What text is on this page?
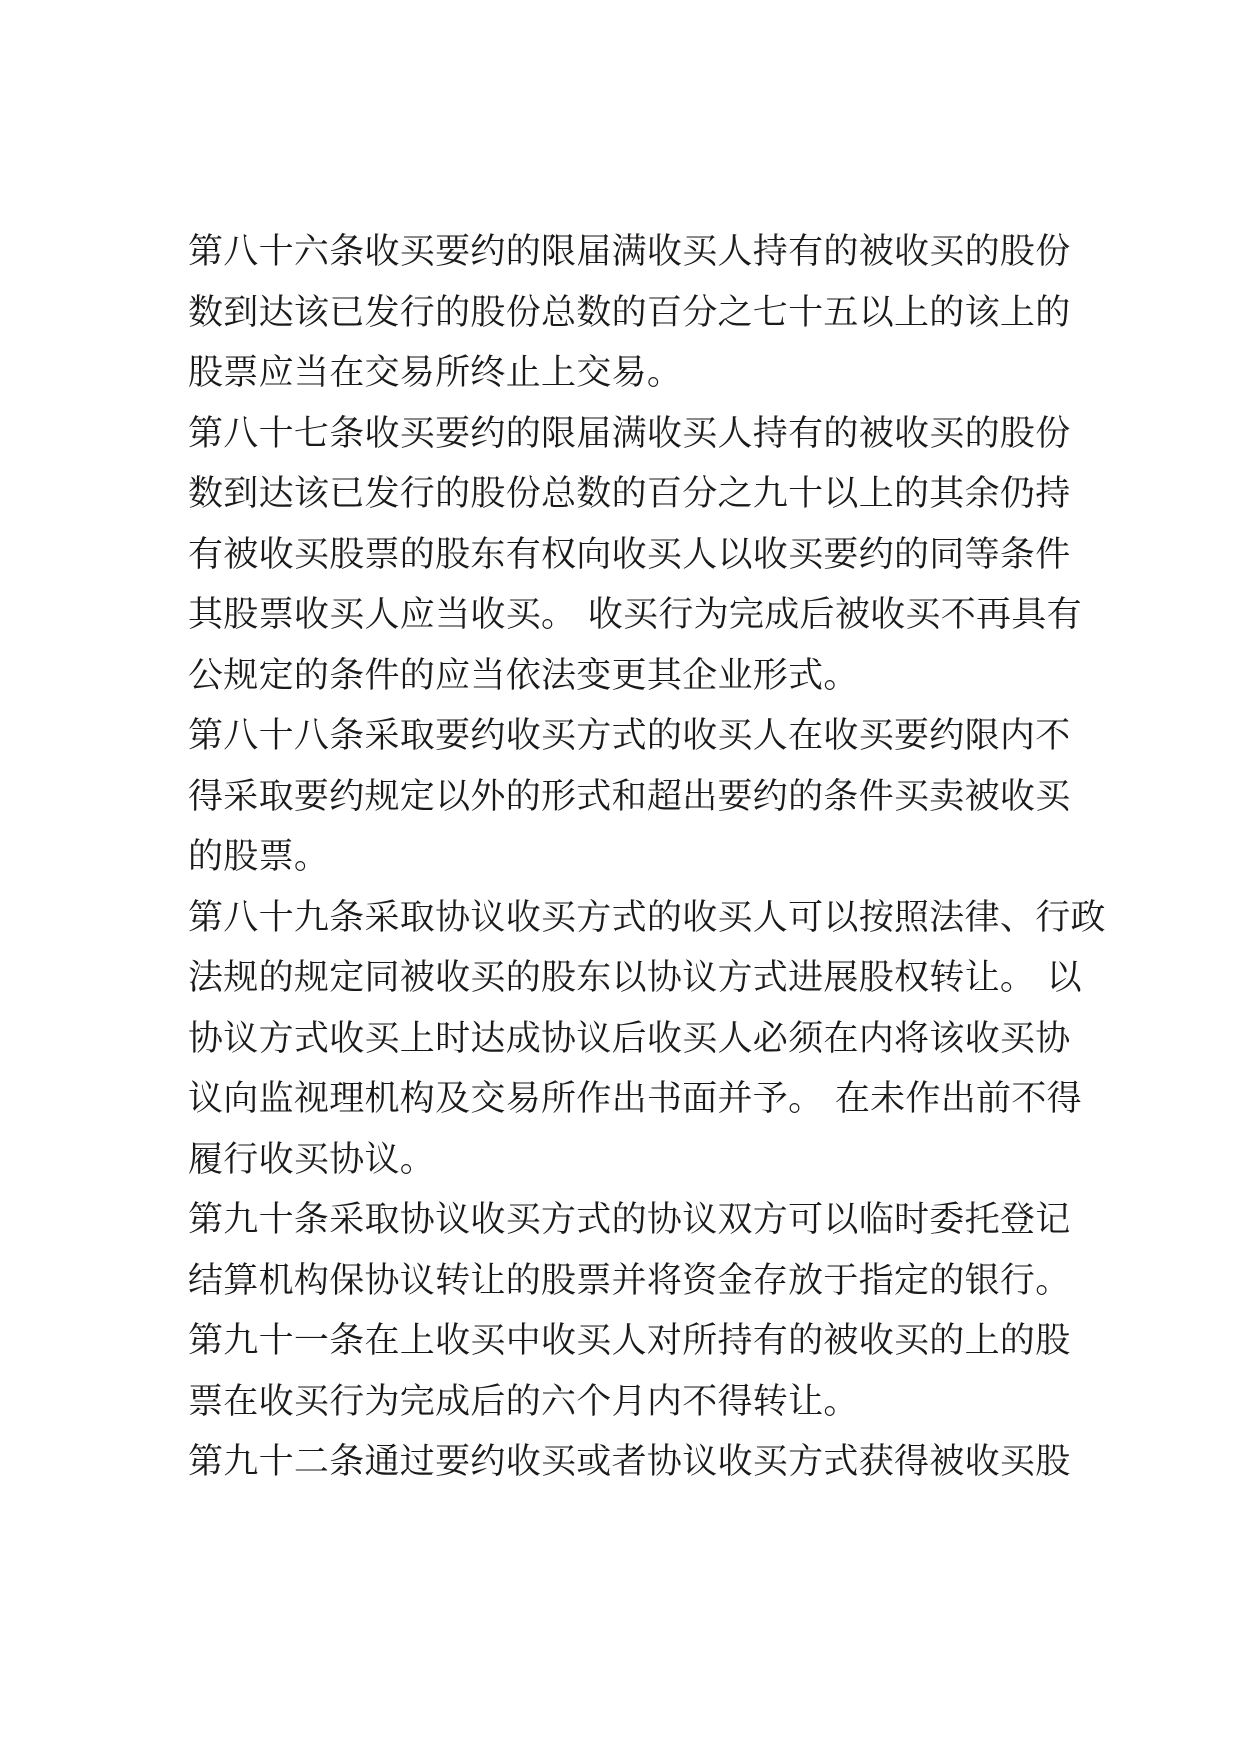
第八十六条收买要约的限届满收买人持有的被收买的股份
数到达该已发行的股份总数的百分之七十五以上的该上的
股票应当在交易所终止上交易。
第八十七条收买要约的限届满收买人持有的被收买的股份
数到达该已发行的股份总数的百分之九十以上的其余仍持
有被收买股票的股东有权向收买人以收买要约的同等条件
其股票收买人应当收买。 收买行为完成后被收买不再具有
公规定的条件的应当依法变更其企业形式。
第八十八条采取要约收买方式的收买人在收买要约限内不
得采取要约规定以外的形式和超出要约的条件买卖被收买
的股票。
第八十九条采取协议收买方式的收买人可以按照法律、行政
法规的规定同被收买的股东以协议方式进展股权转让。 以
协议方式收买上时达成协议后收买人必须在内将该收买协
议向监视理机构及交易所作出书面并予。 在未作出前不得
履行收买协议。
第九十条采取协议收买方式的协议双方可以临时委托登记
结算机构保协议转让的股票并将资金存放于指定的银行。
第九十一条在上收买中收买人对所持有的被收买的上的股
票在收买行为完成后的六个月内不得转让。
第九十二条通过要约收买或者协议收买方式获得被收买股
